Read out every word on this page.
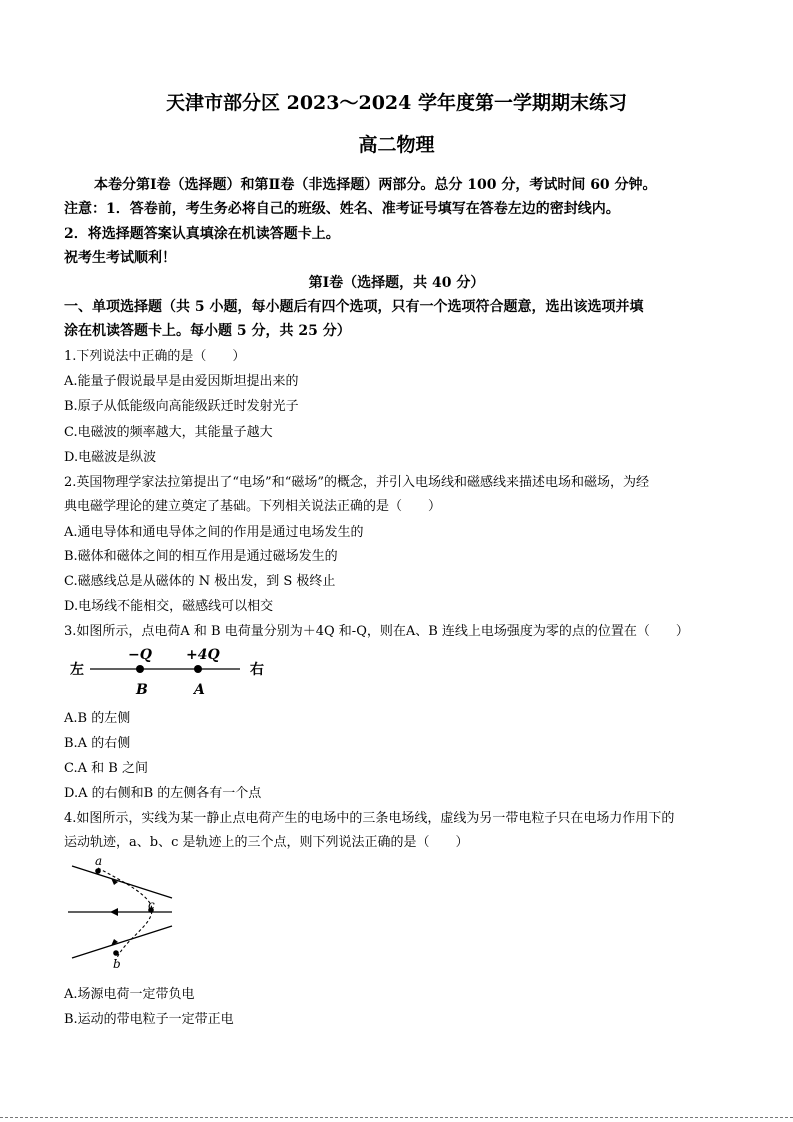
天津市部分区 2023～2024 学年度第一学期期末练习
高二物理
本卷分第Ⅰ卷（选择题）和第Ⅱ卷（非选择题）两部分。总分 100 分，考试时间 60 分钟。
注意：1．答卷前，考生务必将自己的班级、姓名、准考证号填写在答卷左边的密封线内。
2．将选择题答案认真填涂在机读答题卡上。
祝考生考试顺利！
第Ⅰ卷（选择题，共 40 分）
一、单项选择题（共 5 小题，每小题后有四个选项，只有一个选项符合题意，选出该选项并填
涂在机读答题卡上。每小题 5 分，共 25 分）
1.下列说法中正确的是（　　）
A.能量子假说最早是由爱因斯坦提出来的
B.原子从低能级向高能级跃迁时发射光子
C.电磁波的频率越大，其能量子越大
D.电磁波是纵波
2.英国物理学家法拉第提出了“电场”和“磁场”的概念，并引入电场线和磁感线来描述电场和磁场，为经
典电磁学理论的建立奠定了基础。下列相关说法正确的是（　　）
A.通电导体和通电导体之间的作用是通过电场发生的
B.磁体和磁体之间的相互作用是通过磁场发生的
C.磁感线总是从磁体的 N 极出发，到 S 极终止
D.电场线不能相交，磁感线可以相交
3.如图所示，点电荷A 和 B 电荷量分别为＋4Q 和-Q，则在A、B 连线上电场强度为零的点的位置在（　　）
左
−Q +4Q
B	A
右
A.B 的左侧
B.A 的右侧
C.A 和 B 之间
D.A 的右侧和B 的左侧各有一个点
4.如图所示，实线为某一静止点电荷产生的电场中的三条电场线，虚线为另一带电粒子只在电场力作用下的
运动轨迹，a、b、c 是轨迹上的三个点，则下列说法正确的是（　　）
a
c
b
A.场源电荷一定带负电
B.运动的带电粒子一定带正电
